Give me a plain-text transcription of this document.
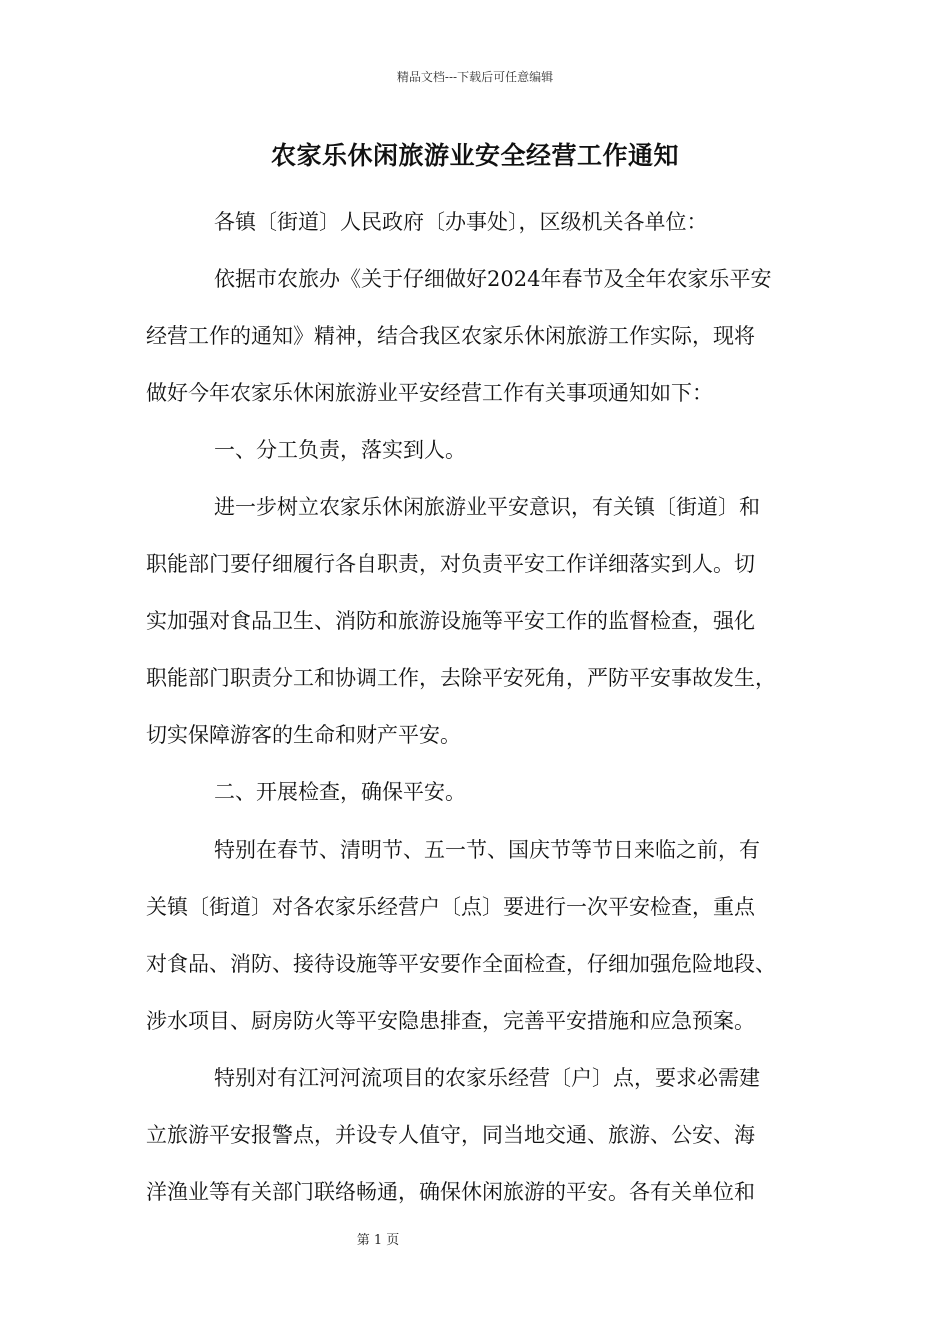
精品文档---下载后可任意编辑
农家乐休闲旅游业安全经营工作通知
各镇〔街道〕人民政府〔办事处〕，区级机关各单位：
依据市农旅办《关于仔细做好2024年春节及全年农家乐平安
经营工作的通知》精神，结合我区农家乐休闲旅游工作实际，现将
做好今年农家乐休闲旅游业平安经营工作有关事项通知如下：
一、分工负责，落实到人。
进一步树立农家乐休闲旅游业平安意识，有关镇〔街道〕和
职能部门要仔细履行各自职责，对负责平安工作详细落实到人。切
实加强对食品卫生、消防和旅游设施等平安工作的监督检查，强化
职能部门职责分工和协调工作，去除平安死角，严防平安事故发生，
切实保障游客的生命和财产平安。
二、开展检查，确保平安。
特别在春节、清明节、五一节、国庆节等节日来临之前，有
关镇〔街道〕对各农家乐经营户〔点〕要进行一次平安检查，重点
对食品、消防、接待设施等平安要作全面检查，仔细加强危险地段、
涉水项目、厨房防火等平安隐患排查，完善平安措施和应急预案。
特别对有江河河流项目的农家乐经营〔户〕点，要求必需建
立旅游平安报警点，并设专人值守，同当地交通、旅游、公安、海
洋渔业等有关部门联络畅通，确保休闲旅游的平安。各有关单位和
第 1 页
